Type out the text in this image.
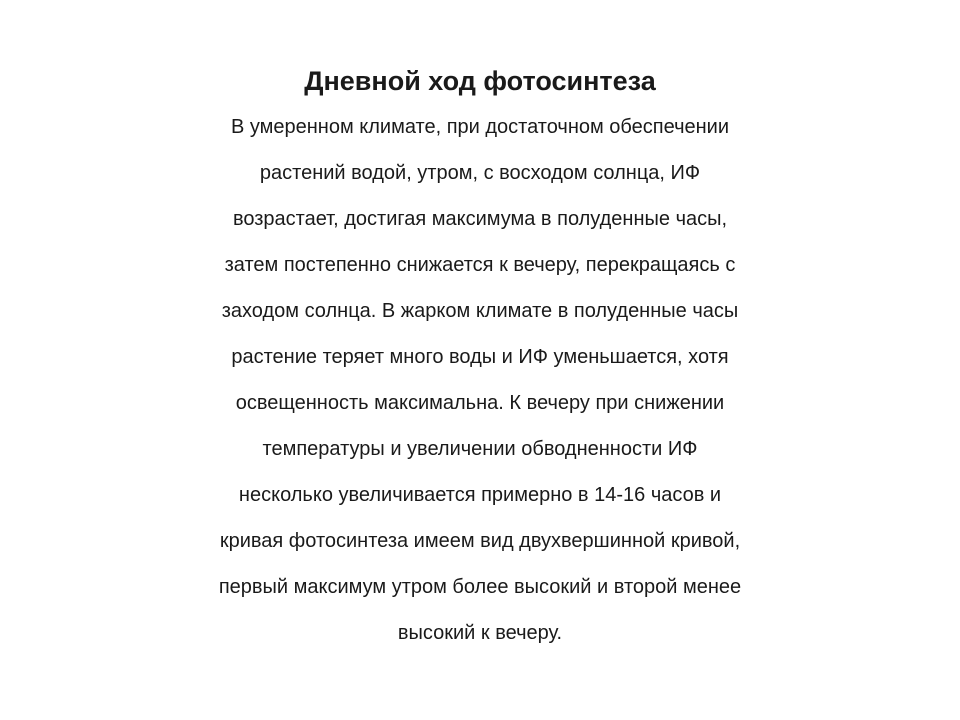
Дневной ход фотосинтеза
В умеренном климате, при достаточном обеспечении
растений водой, утром, с восходом солнца, ИФ
возрастает, достигая максимума в полуденные часы,
затем постепенно снижается к вечеру, перекращаясь с
заходом солнца. В жарком климате в полуденные часы
растение теряет много воды и ИФ уменьшается, хотя
освещенность максимальна. К вечеру при снижении
температуры и увеличении обводненности ИФ
несколько увеличивается примерно в 14-16 часов и
кривая фотосинтеза имеем вид двухвершинной кривой,
первый максимум утром более высокий и второй менее
высокий к вечеру.
